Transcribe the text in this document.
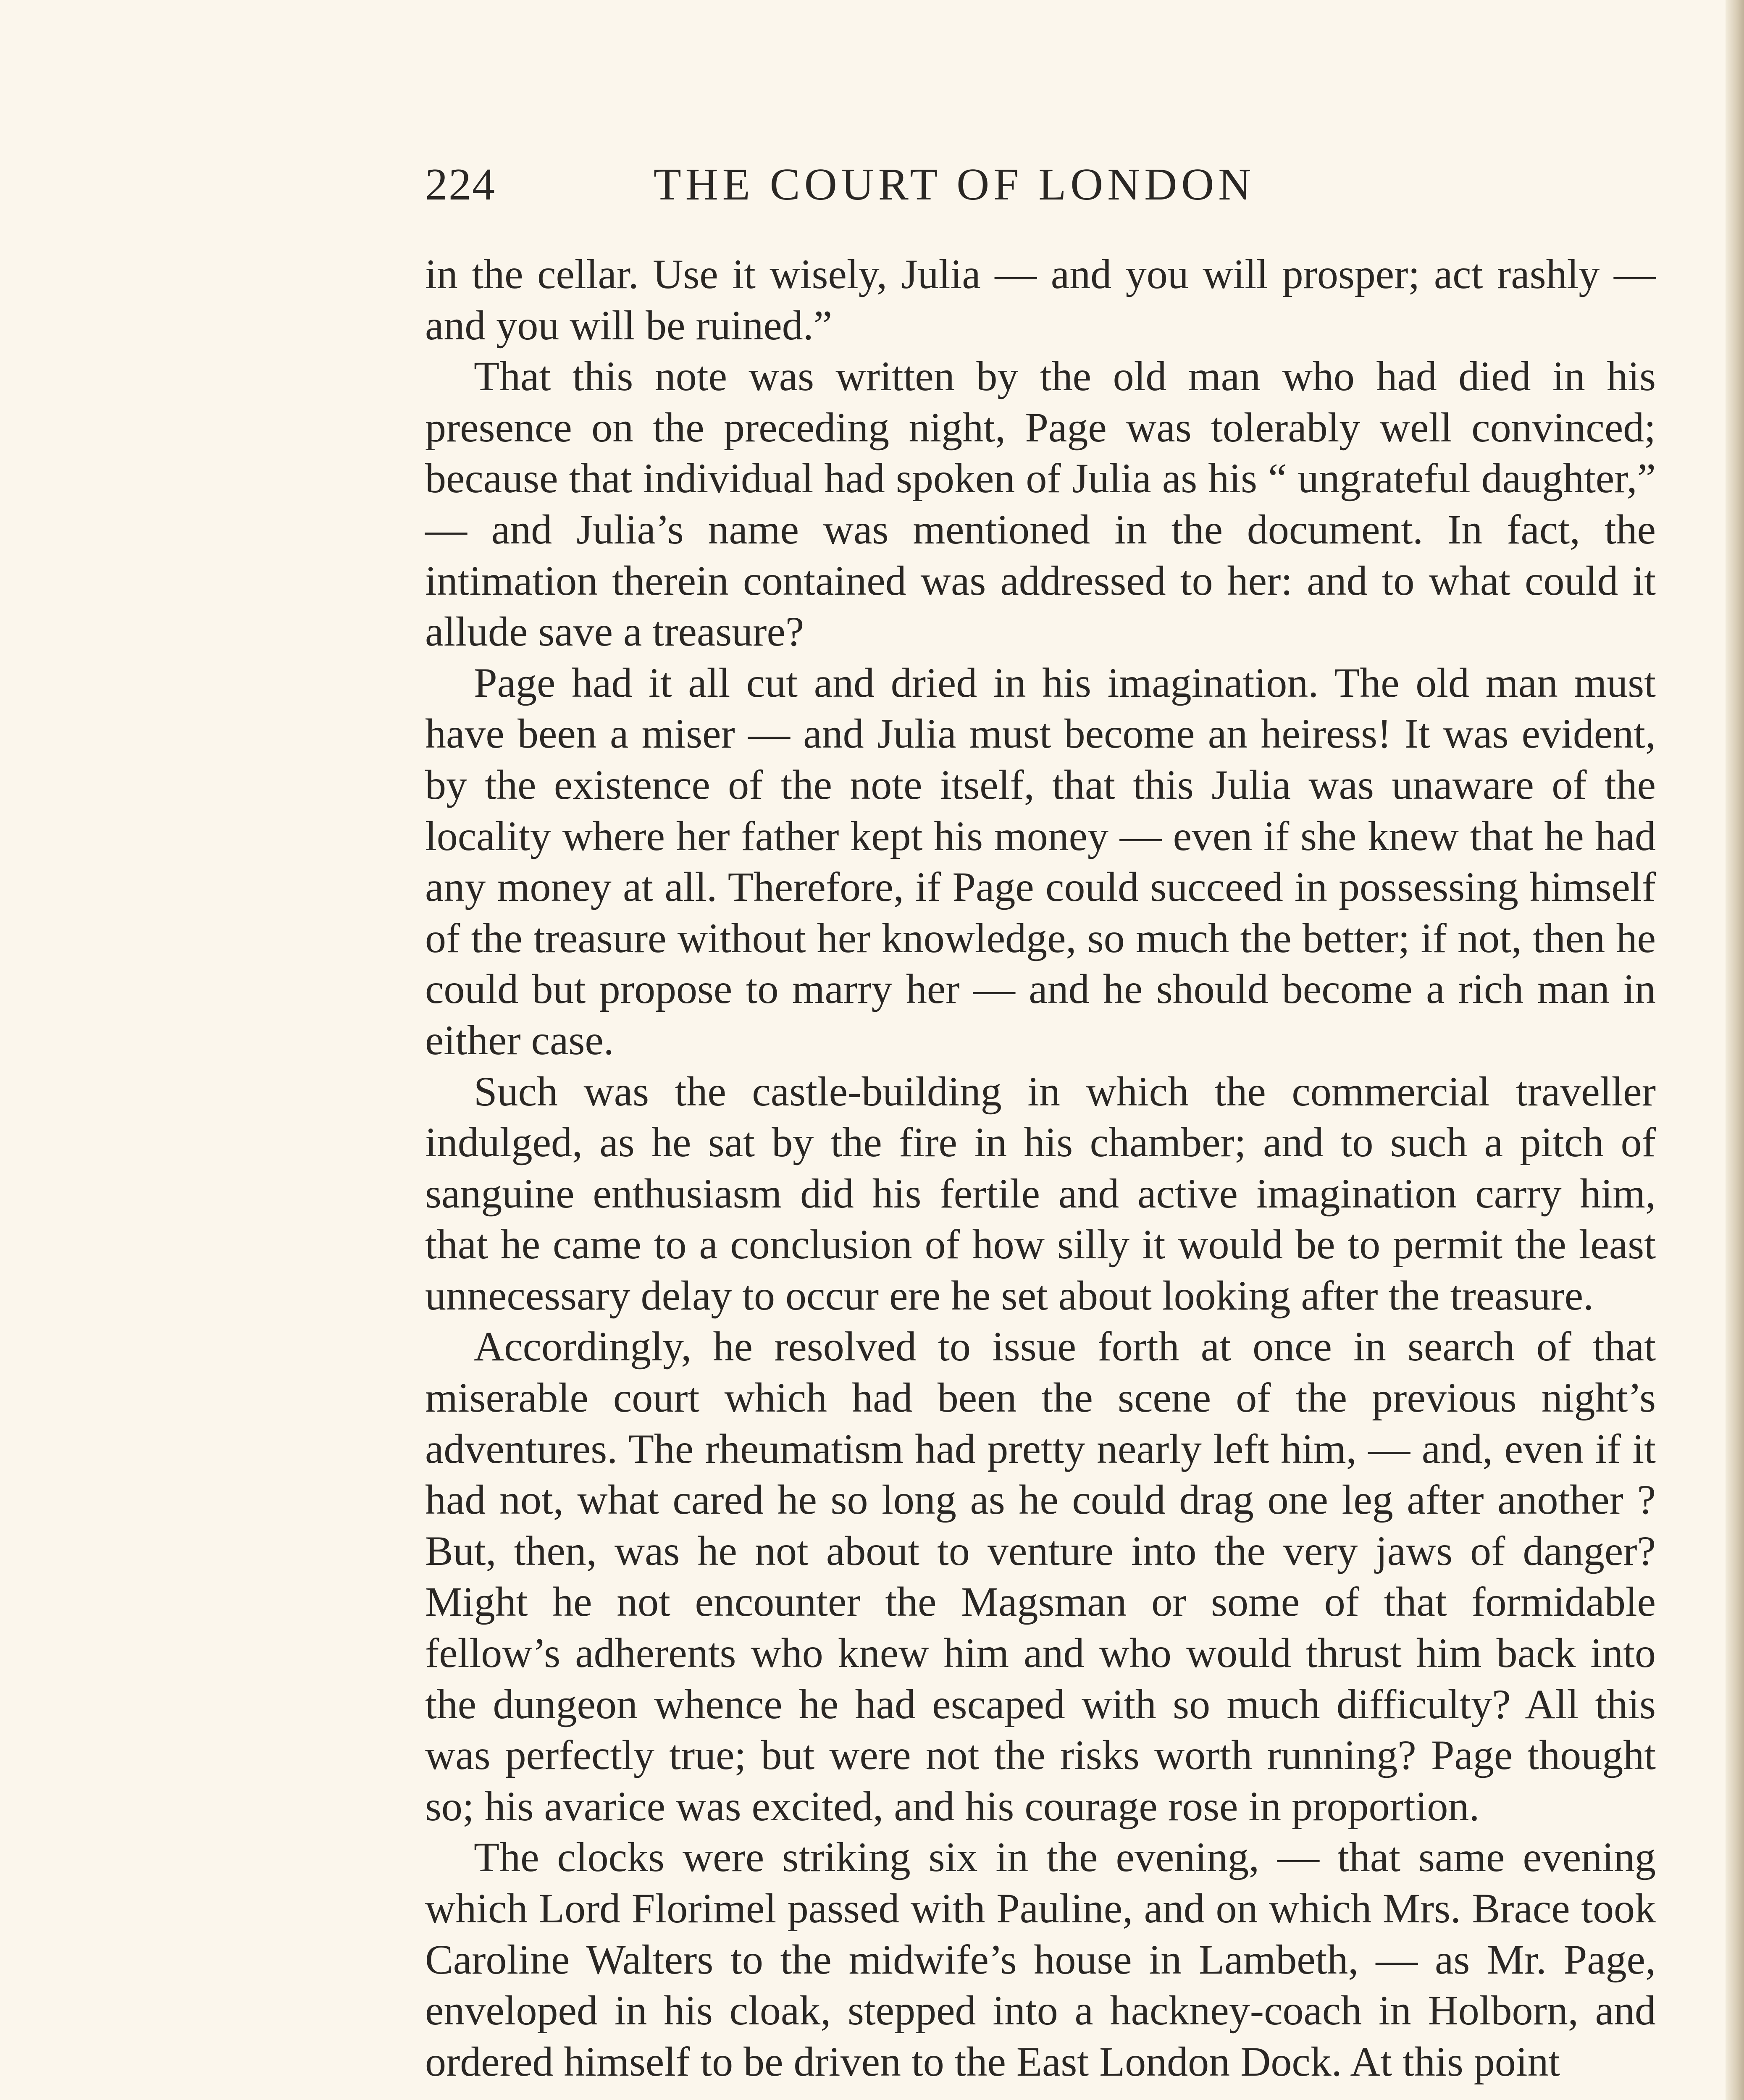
224	THE COURT OF LONDON

in the cellar. Use it wisely, Julia — and you will prosper; act rashly — and you will be ruined.”

That this note was written by the old man who had died in his presence on the preceding night, Page was tolerably well convinced; because that individual had spoken of Julia as his “ ungrateful daughter,” — and Julia’s name was mentioned in the document. In fact, the intimation therein contained was addressed to her: and to what could it allude save a treasure?

Page had it all cut and dried in his imagination. The old man must have been a miser — and Julia must become an heiress! It was evident, by the existence of the note itself, that this Julia was unaware of the locality where her father kept his money — even if she knew that he had any money at all. Therefore, if Page could succeed in possessing himself of the treasure without her knowledge, so much the better; if not, then he could but propose to marry her — and he should become a rich man in either case.

Such was the castle-building in which the commercial traveller indulged, as he sat by the fire in his chamber; and to such a pitch of sanguine enthusiasm did his fertile and active imagination carry him, that he came to a conclusion of how silly it would be to permit the least unnecessary delay to occur ere he set about looking after the treasure.

Accordingly, he resolved to issue forth at once in search of that miserable court which had been the scene of the previous night’s adventures. The rheumatism had pretty nearly left him, — and, even if it had not, what cared he so long as he could drag one leg after another ? But, then, was he not about to venture into the very jaws of danger? Might he not encounter the Magsman or some of that formidable fellow’s adherents who knew him and who would thrust him back into the dungeon whence he had escaped with so much difficulty? All this was perfectly true; but were not the risks worth running? Page thought so; his avarice was excited, and his courage rose in proportion.

The clocks were striking six in the evening, — that same evening which Lord Florimel passed with Pauline, and on which Mrs. Brace took Caroline Walters to the midwife’s house in Lambeth, — as Mr. Page, enveloped in his cloak, stepped into a hackney-coach in Holborn, and ordered himself to be driven to the East London Dock. At this point
